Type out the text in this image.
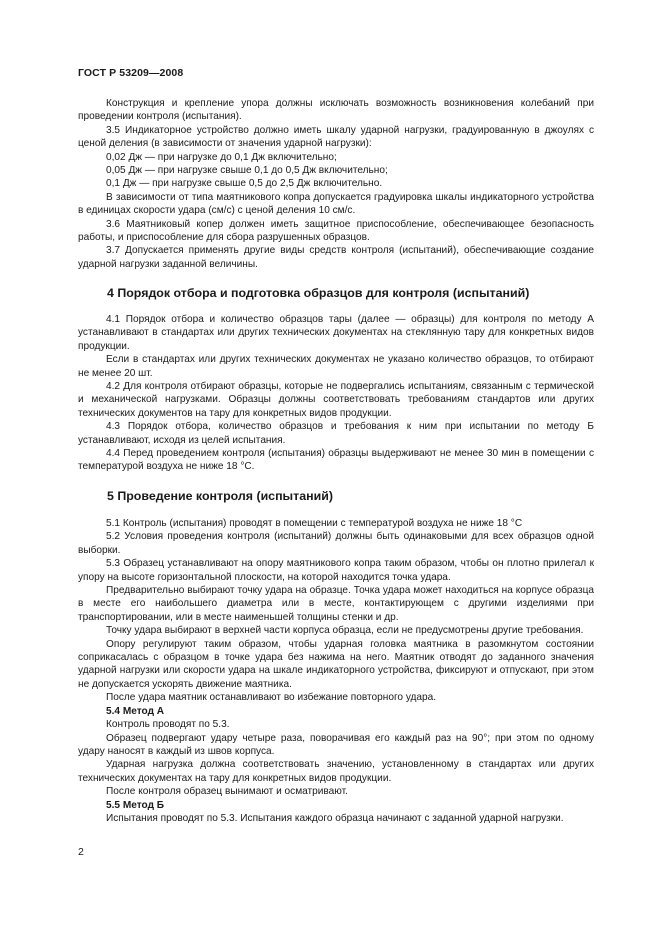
ГОСТ Р 53209—2008

Конструкция и крепление упора должны исключать возможность возникновения колебаний при проведении контроля (испытания).

3.5 Индикаторное устройство должно иметь шкалу ударной нагрузки, градуированную в джоулях с ценой деления (в зависимости от значения ударной нагрузки):

0,02 Дж — при нагрузке до 0,1 Дж включительно;

0,05 Дж — при нагрузке свыше 0,1 до 0,5 Дж включительно;

0,1 Дж — при нагрузке свыше 0,5 до 2,5 Дж включительно.

В зависимости от типа маятникового копра допускается градуировка шкалы индикаторного устройства в единицах скорости удара (см/с) с ценой деления 10 см/с.

3.6 Маятниковый копер должен иметь защитное приспособление, обеспечивающее безопасность работы, и приспособление для сбора разрушенных образцов.

3.7 Допускается применять другие виды средств контроля (испытаний), обеспечивающие создание ударной нагрузки заданной величины.

4 Порядок отбора и подготовка образцов для контроля (испытаний)

4.1 Порядок отбора и количество образцов тары (далее — образцы) для контроля по методу А устанавливают в стандартах или других технических документах на стеклянную тару для конкретных видов продукции.

Если в стандартах или других технических документах не указано количество образцов, то отбирают не менее 20 шт.

4.2 Для контроля отбирают образцы, которые не подвергались испытаниям, связанным с термической и механической нагрузками. Образцы должны соответствовать требованиям стандартов или других технических документов на тару для конкретных видов продукции.

4.3 Порядок отбора, количество образцов и требования к ним при испытании по методу Б устанавливают, исходя из целей испытания.

4.4 Перед проведением контроля (испытания) образцы выдерживают не менее 30 мин в помещении с температурой воздуха не ниже 18 °С.

5 Проведение контроля (испытаний)

5.1 Контроль (испытания) проводят в помещении с температурой воздуха не ниже 18 °С

5.2 Условия проведения контроля (испытаний) должны быть одинаковыми для всех образцов одной выборки.

5.3 Образец устанавливают на опору маятникового копра таким образом, чтобы он плотно прилегал к упору на высоте горизонтальной плоскости, на которой находится точка удара.

Предварительно выбирают точку удара на образце. Точка удара может находиться на корпусе образца в месте его наибольшего диаметра или в месте, контактирующем с другими изделиями при транспортировании, или в месте наименьшей толщины стенки и др.

Точку удара выбирают в верхней части корпуса образца, если не предусмотрены другие требования.

Опору регулируют таким образом, чтобы ударная головка маятника в разомкнутом состоянии соприкасалась с образцом в точке удара без нажима на него. Маятник отводят до заданного значения ударной нагрузки или скорости удара на шкале индикаторного устройства, фиксируют и отпускают, при этом не допускается ускорять движение маятника.

После удара маятник останавливают во избежание повторного удара.

5.4 Метод А

Контроль проводят по 5.3.

Образец подвергают удару четыре раза, поворачивая его каждый раз на 90°; при этом по одному удару наносят в каждый из швов корпуса.

Ударная нагрузка должна соответствовать значению, установленному в стандартах или других технических документах на тару для конкретных видов продукции.

После контроля образец вынимают и осматривают.

5.5 Метод Б

Испытания проводят по 5.3. Испытания каждого образца начинают с заданной ударной нагрузки.

2
